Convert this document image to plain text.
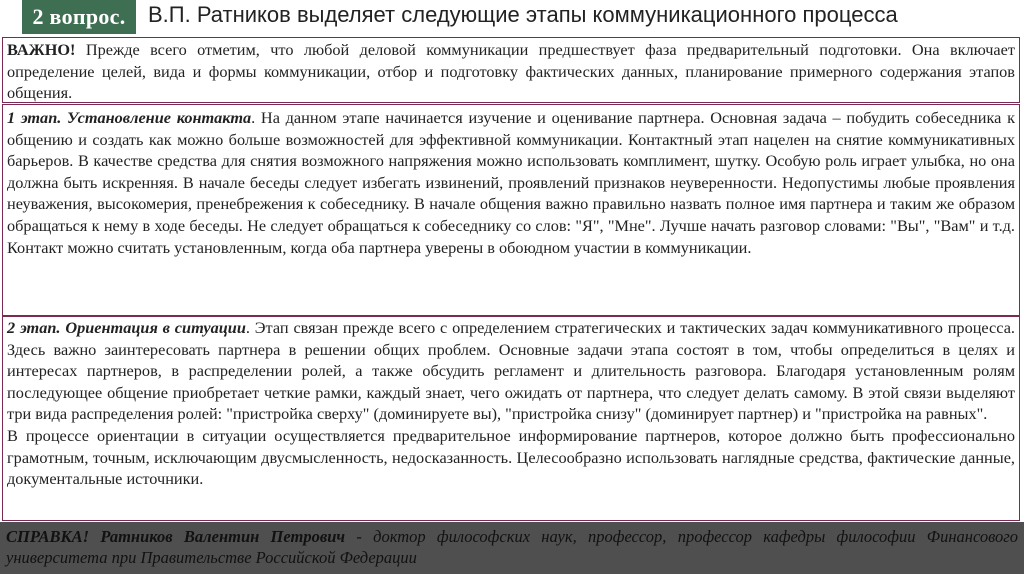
2 вопрос.	В.П. Ратников выделяет следующие этапы коммуникационного процесса

ВАЖНО! Прежде всего отметим, что любой деловой коммуникации предшествует фаза предварительный подготовки. Она включает определение целей, вида и формы коммуникации, отбор и подготовку фактических данных, планирование примерного содержания этапов общения.

1 этап. Установление контакта. На данном этапе начинается изучение и оценивание партнера. Основная задача – побудить собеседника к общению и создать как можно больше возможностей для эффективной коммуникации. Контактный этап нацелен на снятие коммуникативных барьеров. В качестве средства для снятия возможного напряжения можно использовать комплимент, шутку. Особую роль играет улыбка, но она должна быть искренняя. В начале беседы следует избегать извинений, проявлений признаков неуверенности. Недопустимы любые проявления неуважения, высокомерия, пренебрежения к собеседнику. В начале общения важно правильно назвать полное имя партнера и таким же образом обращаться к нему в ходе беседы. Не следует обращаться к собеседнику со слов: "Я", "Мне". Лучше начать разговор словами: "Вы", "Вам" и т.д. Контакт можно считать установленным, когда оба партнера уверены в обоюдном участии в коммуникации.

2 этап. Ориентация в ситуации. Этап связан прежде всего с определением стратегических и тактических задач коммуникативного процесса. Здесь важно заинтересовать партнера в решении общих проблем. Основные задачи этапа состоят в том, чтобы определиться в целях и интересах партнеров, в распределении ролей, а также обсудить регламент и длительность разговора. Благодаря установленным ролям последующее общение приобретает четкие рамки, каждый знает, чего ожидать от партнера, что следует делать самому. В этой связи выделяют три вида распределения ролей: "пристройка сверху" (доминируете вы), "пристройка снизу" (доминирует партнер) и "пристройка на равных".

В процессе ориентации в ситуации осуществляется предварительное информирование партнеров, которое должно быть профессионально грамотным, точным, исключающим двусмысленность, недосказанность. Целесообразно использовать наглядные средства, фактические данные, документальные источники.

СПРАВКА! Ратников Валентин Петрович - доктор философских наук, профессор, профессор кафедры философии Финансового университета при Правительстве Российской Федерации
